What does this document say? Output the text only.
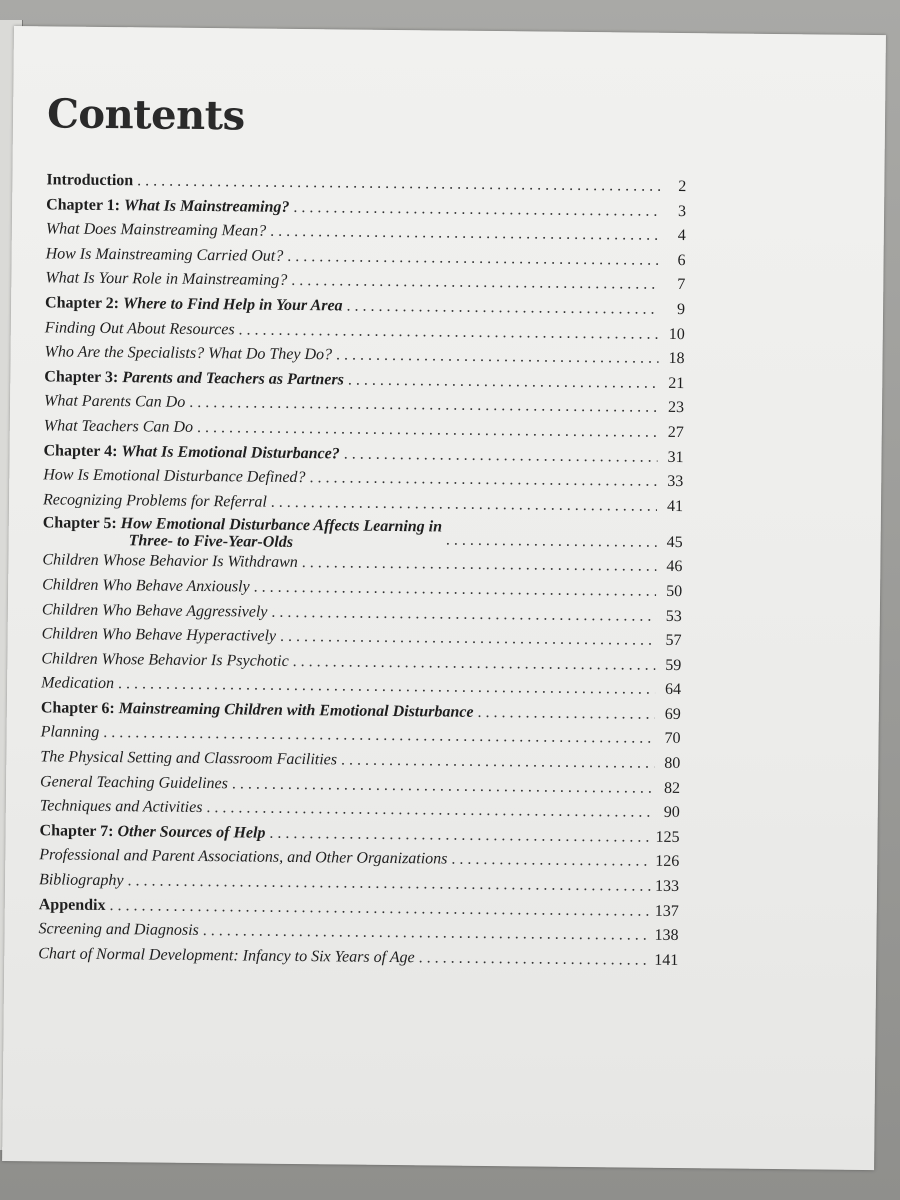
Contents
Introduction . . .	2
Chapter 1: What Is Mainstreaming? . . .	3
What Does Mainstreaming Mean? . . .	4
How Is Mainstreaming Carried Out? . . .	6
What Is Your Role in Mainstreaming? . . .	7
Chapter 2: Where to Find Help in Your Area . . .	9
Finding Out About Resources . . .	10
Who Are the Specialists? What Do They Do? . . .	18
Chapter 3: Parents and Teachers as Partners . . .	21
What Parents Can Do . . .	23
What Teachers Can Do . . .	27
Chapter 4: What Is Emotional Disturbance? . . .	31
How Is Emotional Disturbance Defined? . . .	33
Recognizing Problems for Referral . . .	41
Chapter 5: How Emotional Disturbance Affects Learning in
Three- to Five-Year-Olds . . .	45
Children Whose Behavior Is Withdrawn . . .	46
Children Who Behave Anxiously . . .	50
Children Who Behave Aggressively . . .	53
Children Who Behave Hyperactively . . .	57
Children Whose Behavior Is Psychotic . . .	59
Medication . . .	64
Chapter 6: Mainstreaming Children with Emotional Disturbance . . .	69
Planning . . .	70
The Physical Setting and Classroom Facilities . . .	80
General Teaching Guidelines . . .	82
Techniques and Activities . . .	90
Chapter 7: Other Sources of Help . . .	125
Professional and Parent Associations, and Other Organizations . . .	126
Bibliography . . .	133
Appendix . . .	137
Screening and Diagnosis . . .	138
Chart of Normal Development: Infancy to Six Years of Age . . .	141
